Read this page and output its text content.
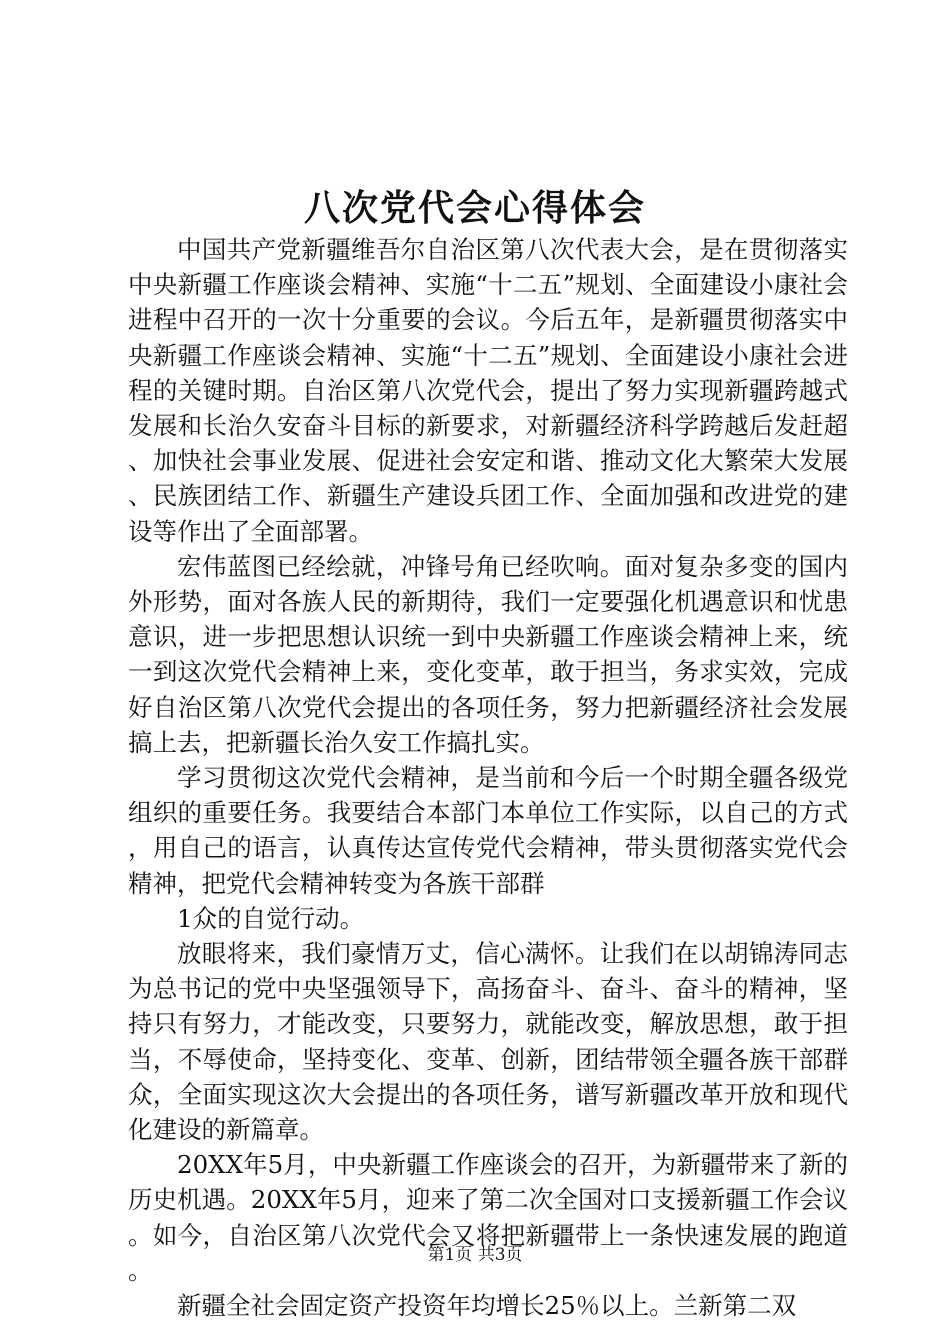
八次党代会心得体会

中国共产党新疆维吾尔自治区第八次代表大会，是在贯彻落实中央新疆工作座谈会精神、实施“十二五”规划、全面建设小康社会进程中召开的一次十分重要的会议。今后五年，是新疆贯彻落实中央新疆工作座谈会精神、实施“十二五”规划、全面建设小康社会进程的关键时期。自治区第八次党代会，提出了努力实现新疆跨越式发展和长治久安奋斗目标的新要求，对新疆经济科学跨越后发赶超、加快社会事业发展、促进社会安定和谐、推动文化大繁荣大发展、民族团结工作、新疆生产建设兵团工作、全面加强和改进党的建设等作出了全面部署。

宏伟蓝图已经绘就，冲锋号角已经吹响。面对复杂多变的国内外形势，面对各族人民的新期待，我们一定要强化机遇意识和忧患意识，进一步把思想认识统一到中央新疆工作座谈会精神上来，统一到这次党代会精神上来，变化变革，敢于担当，务求实效，完成好自治区第八次党代会提出的各项任务，努力把新疆经济社会发展搞上去，把新疆长治久安工作搞扎实。

学习贯彻这次党代会精神，是当前和今后一个时期全疆各级党组织的重要任务。我要结合本部门本单位工作实际，以自己的方式，用自己的语言，认真传达宣传党代会精神，带头贯彻落实党代会精神，把党代会精神转变为各族干部群

1众的自觉行动。

放眼将来，我们豪情万丈，信心满怀。让我们在以胡锦涛同志为总书记的党中央坚强领导下，高扬奋斗、奋斗、奋斗的精神，坚持只有努力，才能改变，只要努力，就能改变，解放思想，敢于担当，不辱使命，坚持变化、变革、创新，团结带领全疆各族干部群众，全面实现这次大会提出的各项任务，谱写新疆改革开放和现代化建设的新篇章。

20XX年5月，中央新疆工作座谈会的召开，为新疆带来了新的历史机遇。20XX年5月，迎来了第二次全国对口支援新疆工作会议。如今，自治区第八次党代会又将把新疆带上一条快速发展的跑道。

新疆全社会固定资产投资年均增长25％以上。兰新第二双

第1页 共3页
